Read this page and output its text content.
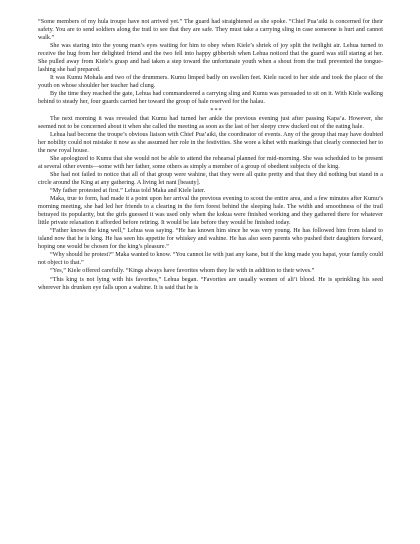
“Some members of my hula troupe have not arrived yet.” The guard had straightened as she spoke. “Chief Pua’aiki is concerned for their safety. You are to send soldiers along the trail to see that they are safe. They must take a carrying sling in case someone is hurt and cannot walk.”

She was staring into the young man’s eyes waiting for him to obey when Kiele’s shriek of joy split the twilight air. Lehua turned to receive the hug from her delighted friend and the two fell into happy gibberish when Lehua noticed that the guard was still staring at her. She pulled away from Kiele’s grasp and had taken a step toward the unfortunate youth when a shout from the trail prevented the tongue-lashing she had prepared.

It was Kumu Mohala and two of the drummers. Kumu limped badly on swollen feet. Kiele raced to her side and took the place of the youth on whose shoulder her teacher had clung.

By the time they reached the gate, Lehua had commandeered a carrying sling and Kumu was persuaded to sit on it. With Kiele walking behind to steady her, four guards carried her toward the group of hale reserved for the halau.

***

The next morning it was revealed that Kumu had turned her ankle the previous evening just after passing Kapa’a. However, she seemed not to be concerned about it when she called the meeting as soon as the last of her sleepy crew ducked out of the eating hale.

Lehua had become the troupe’s obvious liaison with Chief Pua’aiki, the coordinator of events. Any of the group that may have doubted her nobility could not mistake it now as she assumed her role in the festivities. She wore a kihei with markings that clearly connected her to the new royal house.

She apologized to Kumu that she would not be able to attend the rehearsal planned for mid-morning. She was scheduled to be present at several other events—some with her father, some others as simply a member of a group of obedient subjects of the king.

She had not failed to notice that all of that group were wahine, that they were all quite pretty and that they did nothing but stand in a circle around the King at any gathering. A living lei nani [beauty].

“My father protested at first.” Lehua told Maka and Kiele later.

Maka, true to form, had made it a point upon her arrival the previous evening to scout the entire area, and a few minutes after Kumu’s morning meeting, she had led her friends to a clearing in the fern forest behind the sleeping hale. The width and smoothness of the trail betrayed its popularity, but the girls guessed it was used only when the kokua were finished working and they gathered there for whatever little private relaxation it afforded before retiring. It would be late before they would be finished today.

“Father knows the king well,” Lehua was saying. “He has known him since he was very young. He has followed him from island to island now that he is king. He has seen his appetite for whiskey and wahine. He has also seen parents who pushed their daughters forward, hoping one would be chosen for the king’s pleasure.”

“Why should he protest?” Maka wanted to know. “You cannot lie with just any kane, but if the king made you hapai, your family could not object to that.”

“Yes,” Kiele offered carefully. “Kings always have favorites whom they lie with in addition to their wives.”

“This king is not lying with his favorites,” Lehua began. “Favorites are usually women of ali’i blood. He is sprinkling his seed wherever his drunken eye falls upon a wahine. It is said that he is
